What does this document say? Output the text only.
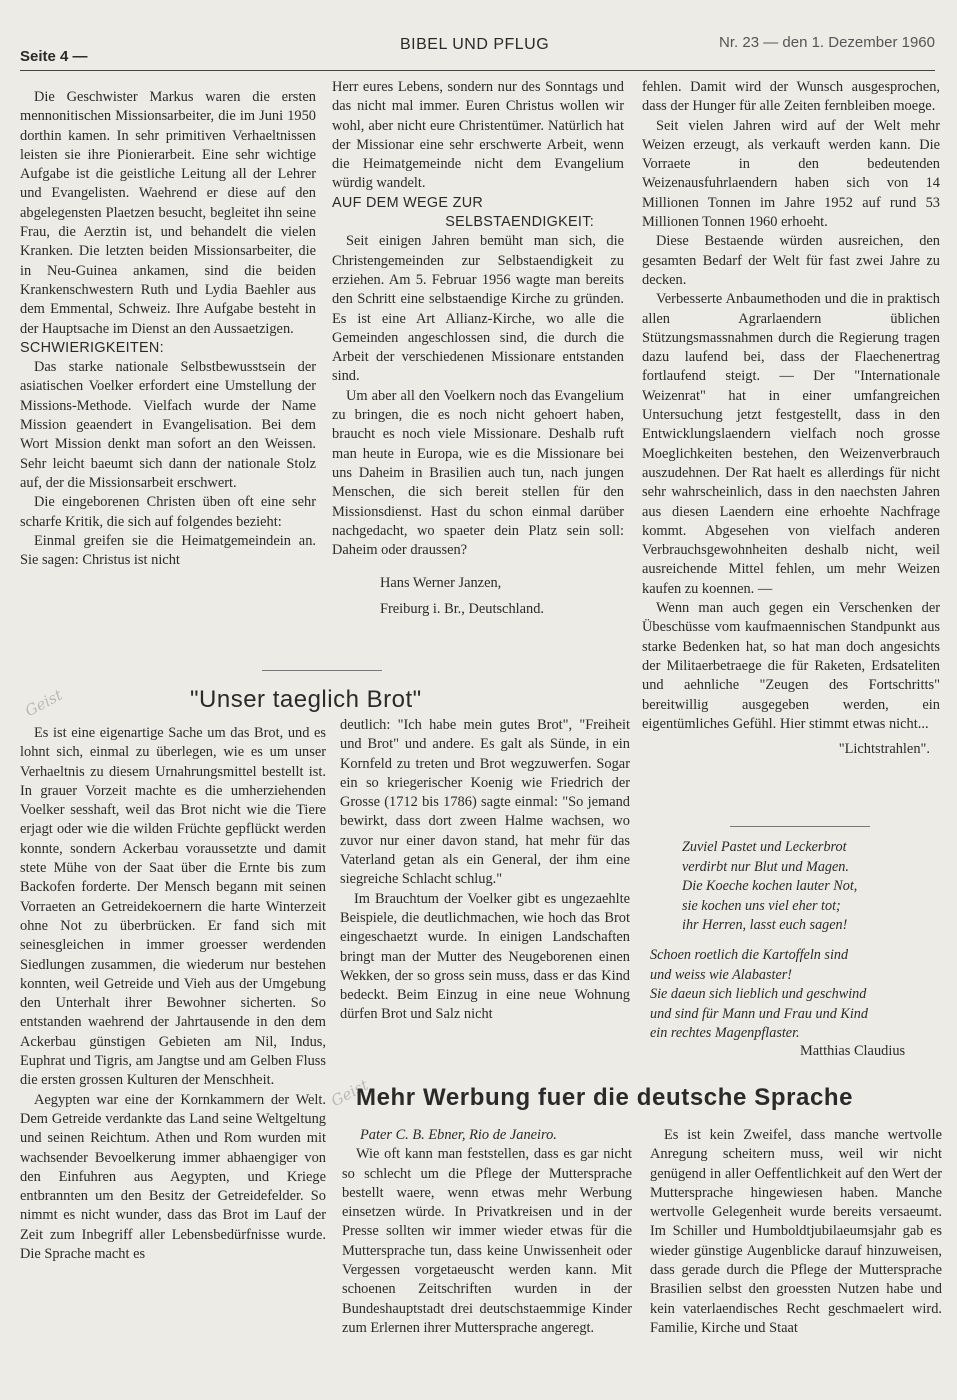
Seite 4 —
BIBEL UND PFLUG	Nr. 23 — den 1. Dezember 1960

Die Geschwister Markus waren die ersten mennonitischen Missionsarbeiter, die im Juni 1950 dorthin kamen. In sehr primitiven Verhaeltnissen leisten sie ihre Pionierarbeit. Eine sehr wichtige Aufgabe ist die geistliche Leitung all der Lehrer und Evangelisten. Waehrend er diese auf den abgelegensten Plaetzen besucht, begleitet ihn seine Frau, die Aerztin ist, und behandelt die vielen Kranken. Die letzten beiden Missionsarbeiter, die in Neu-Guinea ankamen, sind die beiden Krankenschwestern Ruth und Lydia Baehler aus dem Emmental, Schweiz. Ihre Aufgabe besteht in der Hauptsache im Dienst an den Aussaetzigen.

SCHWIERIGKEITEN:

Das starke nationale Selbstbewusstsein der asiatischen Voelker erfordert eine Umstellung der Missions-Methode. Vielfach wurde der Name Mission geaendert in Evangelisation. Bei dem Wort Mission denkt man sofort an den Weissen. Sehr leicht baeumt sich dann der nationale Stolz auf, der die Missionsarbeit erschwert.

Die eingeborenen Christen üben oft eine sehr scharfe Kritik, die sich auf folgendes bezieht:

Einmal greifen sie die Heimatgemeindein an. Sie sagen: Christus ist nicht

Herr eures Lebens, sondern nur des Sonntags und das nicht mal immer. Euren Christus wollen wir wohl, aber nicht eure Christentümer. Natürlich hat der Missionar eine sehr erschwerte Arbeit, wenn die Heimatgemeinde nicht dem Evangelium würdig wandelt.

AUF DEM WEGE ZUR
SELBSTAENDIGKEIT:

Seit einigen Jahren bemüht man sich, die Christengemeinden zur Selbstaendigkeit zu erziehen. Am 5. Februar 1956 wagte man bereits den Schritt eine selbstaendige Kirche zu gründen. Es ist eine Art Allianz-Kirche, wo alle die Gemeinden angeschlossen sind, die durch die Arbeit der verschiedenen Missionare entstanden sind.

Um aber all den Voelkern noch das Evangelium zu bringen, die es noch nicht gehoert haben, braucht es noch viele Missionare. Deshalb ruft man heute in Europa, wie es die Missionare bei uns Daheim in Brasilien auch tun, nach jungen Menschen, die sich bereit stellen für den Missionsdienst. Hast du schon einmal darüber nachgedacht, wo spaeter dein Platz sein soll: Daheim oder draussen?

Hans Werner Janzen,
Freiburg i. Br., Deutschland.

fehlen. Damit wird der Wunsch ausgesprochen, dass der Hunger für alle Zeiten fernbleiben moege.

Seit vielen Jahren wird auf der Welt mehr Weizen erzeugt, als verkauft werden kann. Die Vorraete in den bedeutenden Weizenausfuhrlaendern haben sich von 14 Millionen Tonnen im Jahre 1952 auf rund 53 Millionen Tonnen 1960 erhoeht.

Diese Bestaende würden ausreichen, den gesamten Bedarf der Welt für fast zwei Jahre zu decken.

Verbesserte Anbaumethoden und die in praktisch allen Agrarlaendern üblichen Stützungsmassnahmen durch die Regierung tragen dazu laufend bei, dass der Flaechenertrag fortlaufend steigt. — Der "Internationale Weizenrat" hat in einer umfangreichen Untersuchung jetzt festgestellt, dass in den Entwicklungslaendern vielfach noch grosse Moeglichkeiten bestehen, den Weizenverbrauch auszudehnen. Der Rat haelt es allerdings für nicht sehr wahrscheinlich, dass in den naechsten Jahren aus diesen Laendern eine erhoehte Nachfrage kommt. Abgesehen von vielfach anderen Verbrauchsgewohnheiten deshalb nicht, weil ausreichende Mittel fehlen, um mehr Weizen kaufen zu koennen. —

Wenn man auch gegen ein Verschenken der Übeschüsse vom kaufmaennischen Standpunkt aus starke Bedenken hat, so hat man doch angesichts der Militaerbetraege die für Raketen, Erdsateliten und aehnliche "Zeugen des Fortschritts" bereitwillig ausgegeben werden, ein eigentümliches Gefühl. Hier stimmt etwas nicht...

"Lichtstrahlen".
Geist
Geist
"Unser taeglich Brot"

Es ist eine eigenartige Sache um das Brot, und es lohnt sich, einmal zu überlegen, wie es um unser Verhaeltnis zu diesem Urnahrungsmittel bestellt ist. In grauer Vorzeit machte es die umherziehenden Voelker sesshaft, weil das Brot nicht wie die Tiere erjagt oder wie die wilden Früchte gepflückt werden konnte, sondern Ackerbau voraussetzte und damit stete Mühe von der Saat über die Ernte bis zum Backofen forderte. Der Mensch begann mit seinen Vorraeten an Getreidekoernern die harte Winterzeit ohne Not zu überbrücken. Er fand sich mit seinesgleichen in immer groesser werdenden Siedlungen zusammen, die wiederum nur bestehen konnten, weil Getreide und Vieh aus der Umgebung den Unterhalt ihrer Bewohner sicherten. So entstanden waehrend der Jahrtausende in den dem Ackerbau günstigen Gebieten am Nil, Indus, Euphrat und Tigris, am Jangtse und am Gelben Fluss die ersten grossen Kulturen der Menschheit.

Aegypten war eine der Kornkammern der Welt. Dem Getreide verdankte das Land seine Weltgeltung und seinen Reichtum. Athen und Rom wurden mit wachsender Bevoelkerung immer abhaengiger von den Einfuhren aus Aegypten, und Kriege entbrannten um den Besitz der Getreidefelder. So nimmt es nicht wunder, dass das Brot im Lauf der Zeit zum Inbegriff aller Lebensbedürfnisse wurde. Die Sprache macht es

deutlich: "Ich habe mein gutes Brot", "Freiheit und Brot" und andere. Es galt als Sünde, in ein Kornfeld zu treten und Brot wegzuwerfen. Sogar ein so kriegerischer Koenig wie Friedrich der Grosse (1712 bis 1786) sagte einmal: "So jemand bewirkt, dass dort zween Halme wachsen, wo zuvor nur einer davon stand, hat mehr für das Vaterland getan als ein General, der ihm eine siegreiche Schlacht schlug."

Im Brauchtum der Voelker gibt es ungezaehlte Beispiele, die deutlichmachen, wie hoch das Brot eingeschaetzt wurde. In einigen Landschaften bringt man der Mutter des Neugeborenen einen Wekken, der so gross sein muss, dass er das Kind bedeckt. Beim Einzug in eine neue Wohnung dürfen Brot und Salz nicht

Zuviel Pastet und Leckerbrot

verdirbt nur Blut und Magen.

Die Koeche kochen lauter Not,

sie kochen uns viel eher tot;

ihr Herren, lasst euch sagen!

Schoen roetlich die Kartoffeln sind

und weiss wie Alabaster!

Sie daeun sich lieblich und geschwind

und sind für Mann und Frau und Kind

ein rechtes Magenpflaster.

Matthias Claudius
Mehr Werbung fuer die deutsche Sprache

Pater C. B. Ebner, Rio de Janeiro.

Wie oft kann man feststellen, dass es gar nicht so schlecht um die Pflege der Muttersprache bestellt waere, wenn etwas mehr Werbung einsetzen würde. In Privatkreisen und in der Presse sollten wir immer wieder etwas für die Muttersprache tun, dass keine Unwissenheit oder Vergessen vorgetaeuscht werden kann. Mit schoenen Zeitschriften wurden in der Bundeshauptstadt drei deutschstaemmige Kinder zum Erlernen ihrer Muttersprache angeregt.

Es ist kein Zweifel, dass manche wertvolle Anregung scheitern muss, weil wir nicht genügend in aller Oeffentlichkeit auf den Wert der Muttersprache hingewiesen haben. Manche wertvolle Gelegenheit wurde bereits versaeumt. Im Schiller und Humboldtjubilaeumsjahr gab es wieder günstige Augenblicke darauf hinzuweisen, dass gerade durch die Pflege der Muttersprache Brasilien selbst den groessten Nutzen habe und kein vaterlaendisches Recht geschmaelert wird. Familie, Kirche und Staat
